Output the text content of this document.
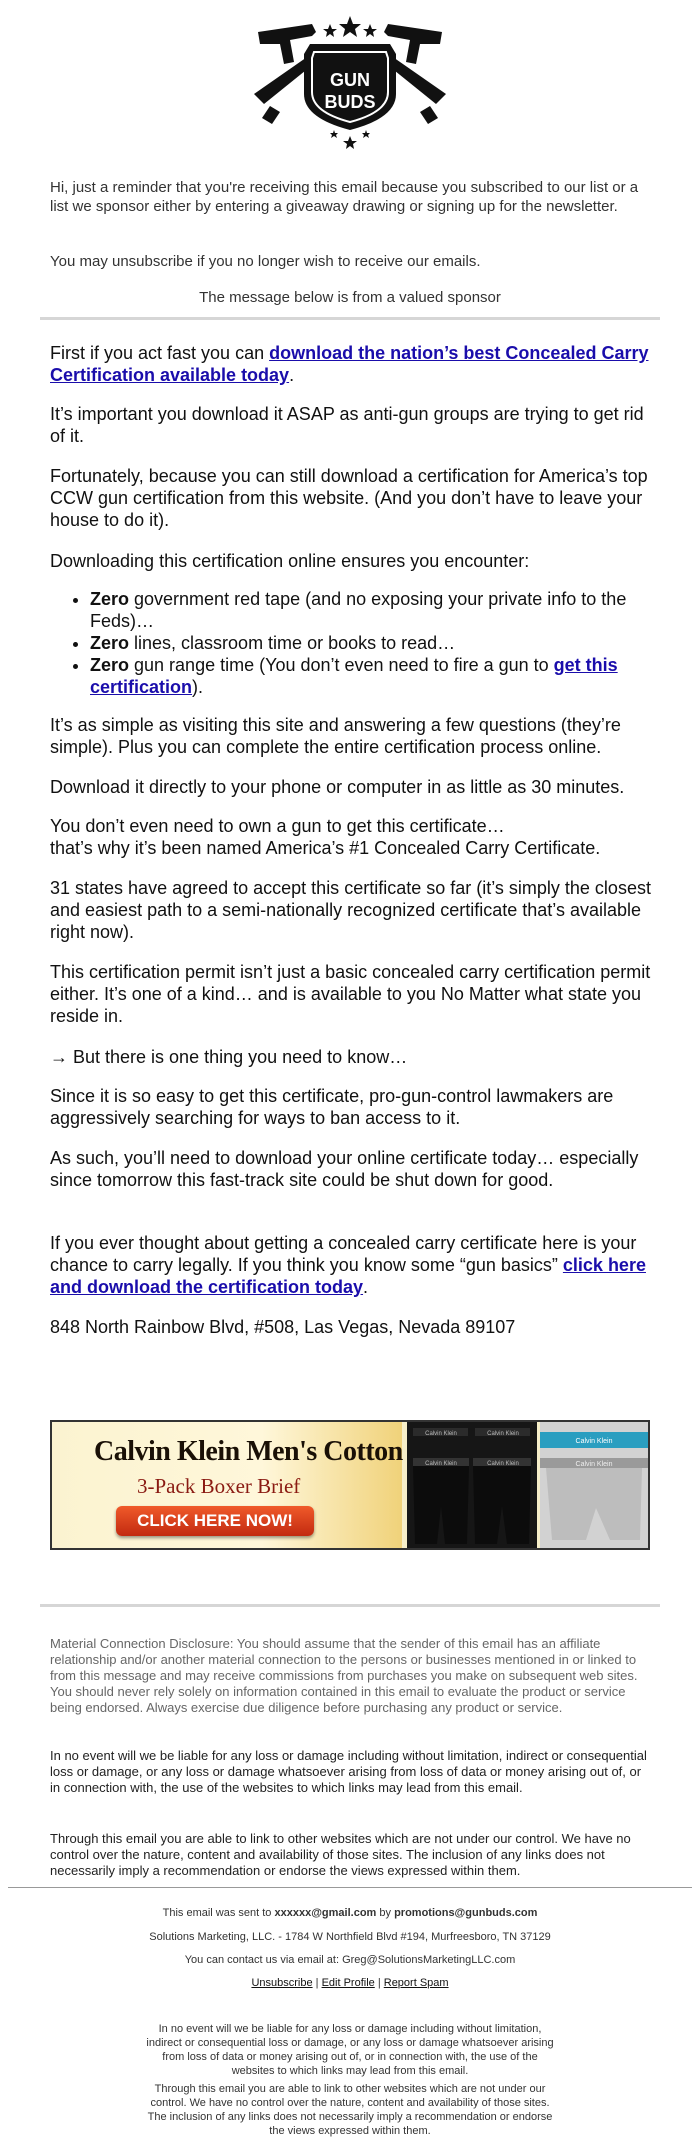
GUN
BUDS
Hi, just a reminder that you're receiving this email because you subscribed to our list or a list we sponsor either by entering a giveaway drawing or signing up for the newsletter.
You may unsubscribe if you no longer wish to receive our emails.
The message below is from a valued sponsor

First if you act fast you can download the nation’s best Concealed Carry Certification available today.

It’s important you download it ASAP as anti-gun groups are trying to get rid of it.
Fortunately, because you can still download a certification for America’s top CCW gun certification from this website. (And you don’t have to leave your house to do it).
Downloading this certification online ensures you encounter:
• Zero government red tape (and no exposing your private info to the Feds)…
• Zero lines, classroom time or books to read…
• Zero gun range time (You don’t even need to fire a gun to get this certification).
It’s as simple as visiting this site and answering a few questions (they’re simple). Plus you can complete the entire certification process online.
Download it directly to your phone or computer in as little as 30 minutes.

You don’t even need to own a gun to get this certificate…

that’s why it’s been named America’s #1 Concealed Carry Certificate.

31 states have agreed to accept this certificate so far (it’s simply the closest and easiest path to a semi-nationally recognized certificate that’s available right now).
This certification permit isn’t just a basic concealed carry certification permit either. It’s one of a kind… and is available to you No Matter what state you reside in.
→ But there is one thing you need to know…
Since it is so easy to get this certificate, pro-gun-control lawmakers are aggressively searching for ways to ban access to it.
As such, you’ll need to download your online certificate today… especially since tomorrow this fast-track site could be shut down for good.

If you ever thought about getting a concealed carry certificate here is your chance to carry legally. If you think you know some “gun basics” click here and download the certification today.

848 North Rainbow Blvd, #508, Las Vegas, Nevada 89107
Calvin Klein Men's Cotton
3-Pack Boxer Brief
CLICK HERE NOW!
Calvin Klein	Calvin Klein
Calvin Klein	Calvin Klein
Calvin Klein
Calvin Klein
Material Connection Disclosure: You should assume that the sender of this email has an affiliate relationship and/or another material connection to the persons or businesses mentioned in or linked to from this message and may receive commissions from purchases you make on subsequent web sites. You should never rely solely on information contained in this email to evaluate the product or service being endorsed. Always exercise due diligence before purchasing any product or service.
In no event will we be liable for any loss or damage including without limitation, indirect or consequential loss or damage, or any loss or damage whatsoever arising from loss of data or money arising out of, or in connection with, the use of the websites to which links may lead from this email.
Through this email you are able to link to other websites which are not under our control. We have no control over the nature, content and availability of those sites. The inclusion of any links does not necessarily imply a recommendation or endorse the views expressed within them.
This email was sent to xxxxxx@gmail.com by promotions@gunbuds.com
Solutions Marketing, LLC. - 1784 W Northfield Blvd #194, Murfreesboro, TN 37129
You can contact us via email at: Greg@SolutionsMarketingLLC.com
Unsubscribe | Edit Profile | Report Spam
In no event will we be liable for any loss or damage including without limitation, indirect or consequential loss or damage, or any loss or damage whatsoever arising from loss of data or money arising out of, or in connection with, the use of the websites to which links may lead from this email.
Through this email you are able to link to other websites which are not under our control. We have no control over the nature, content and availability of those sites. The inclusion of any links does not necessarily imply a recommendation or endorse the views expressed within them.
